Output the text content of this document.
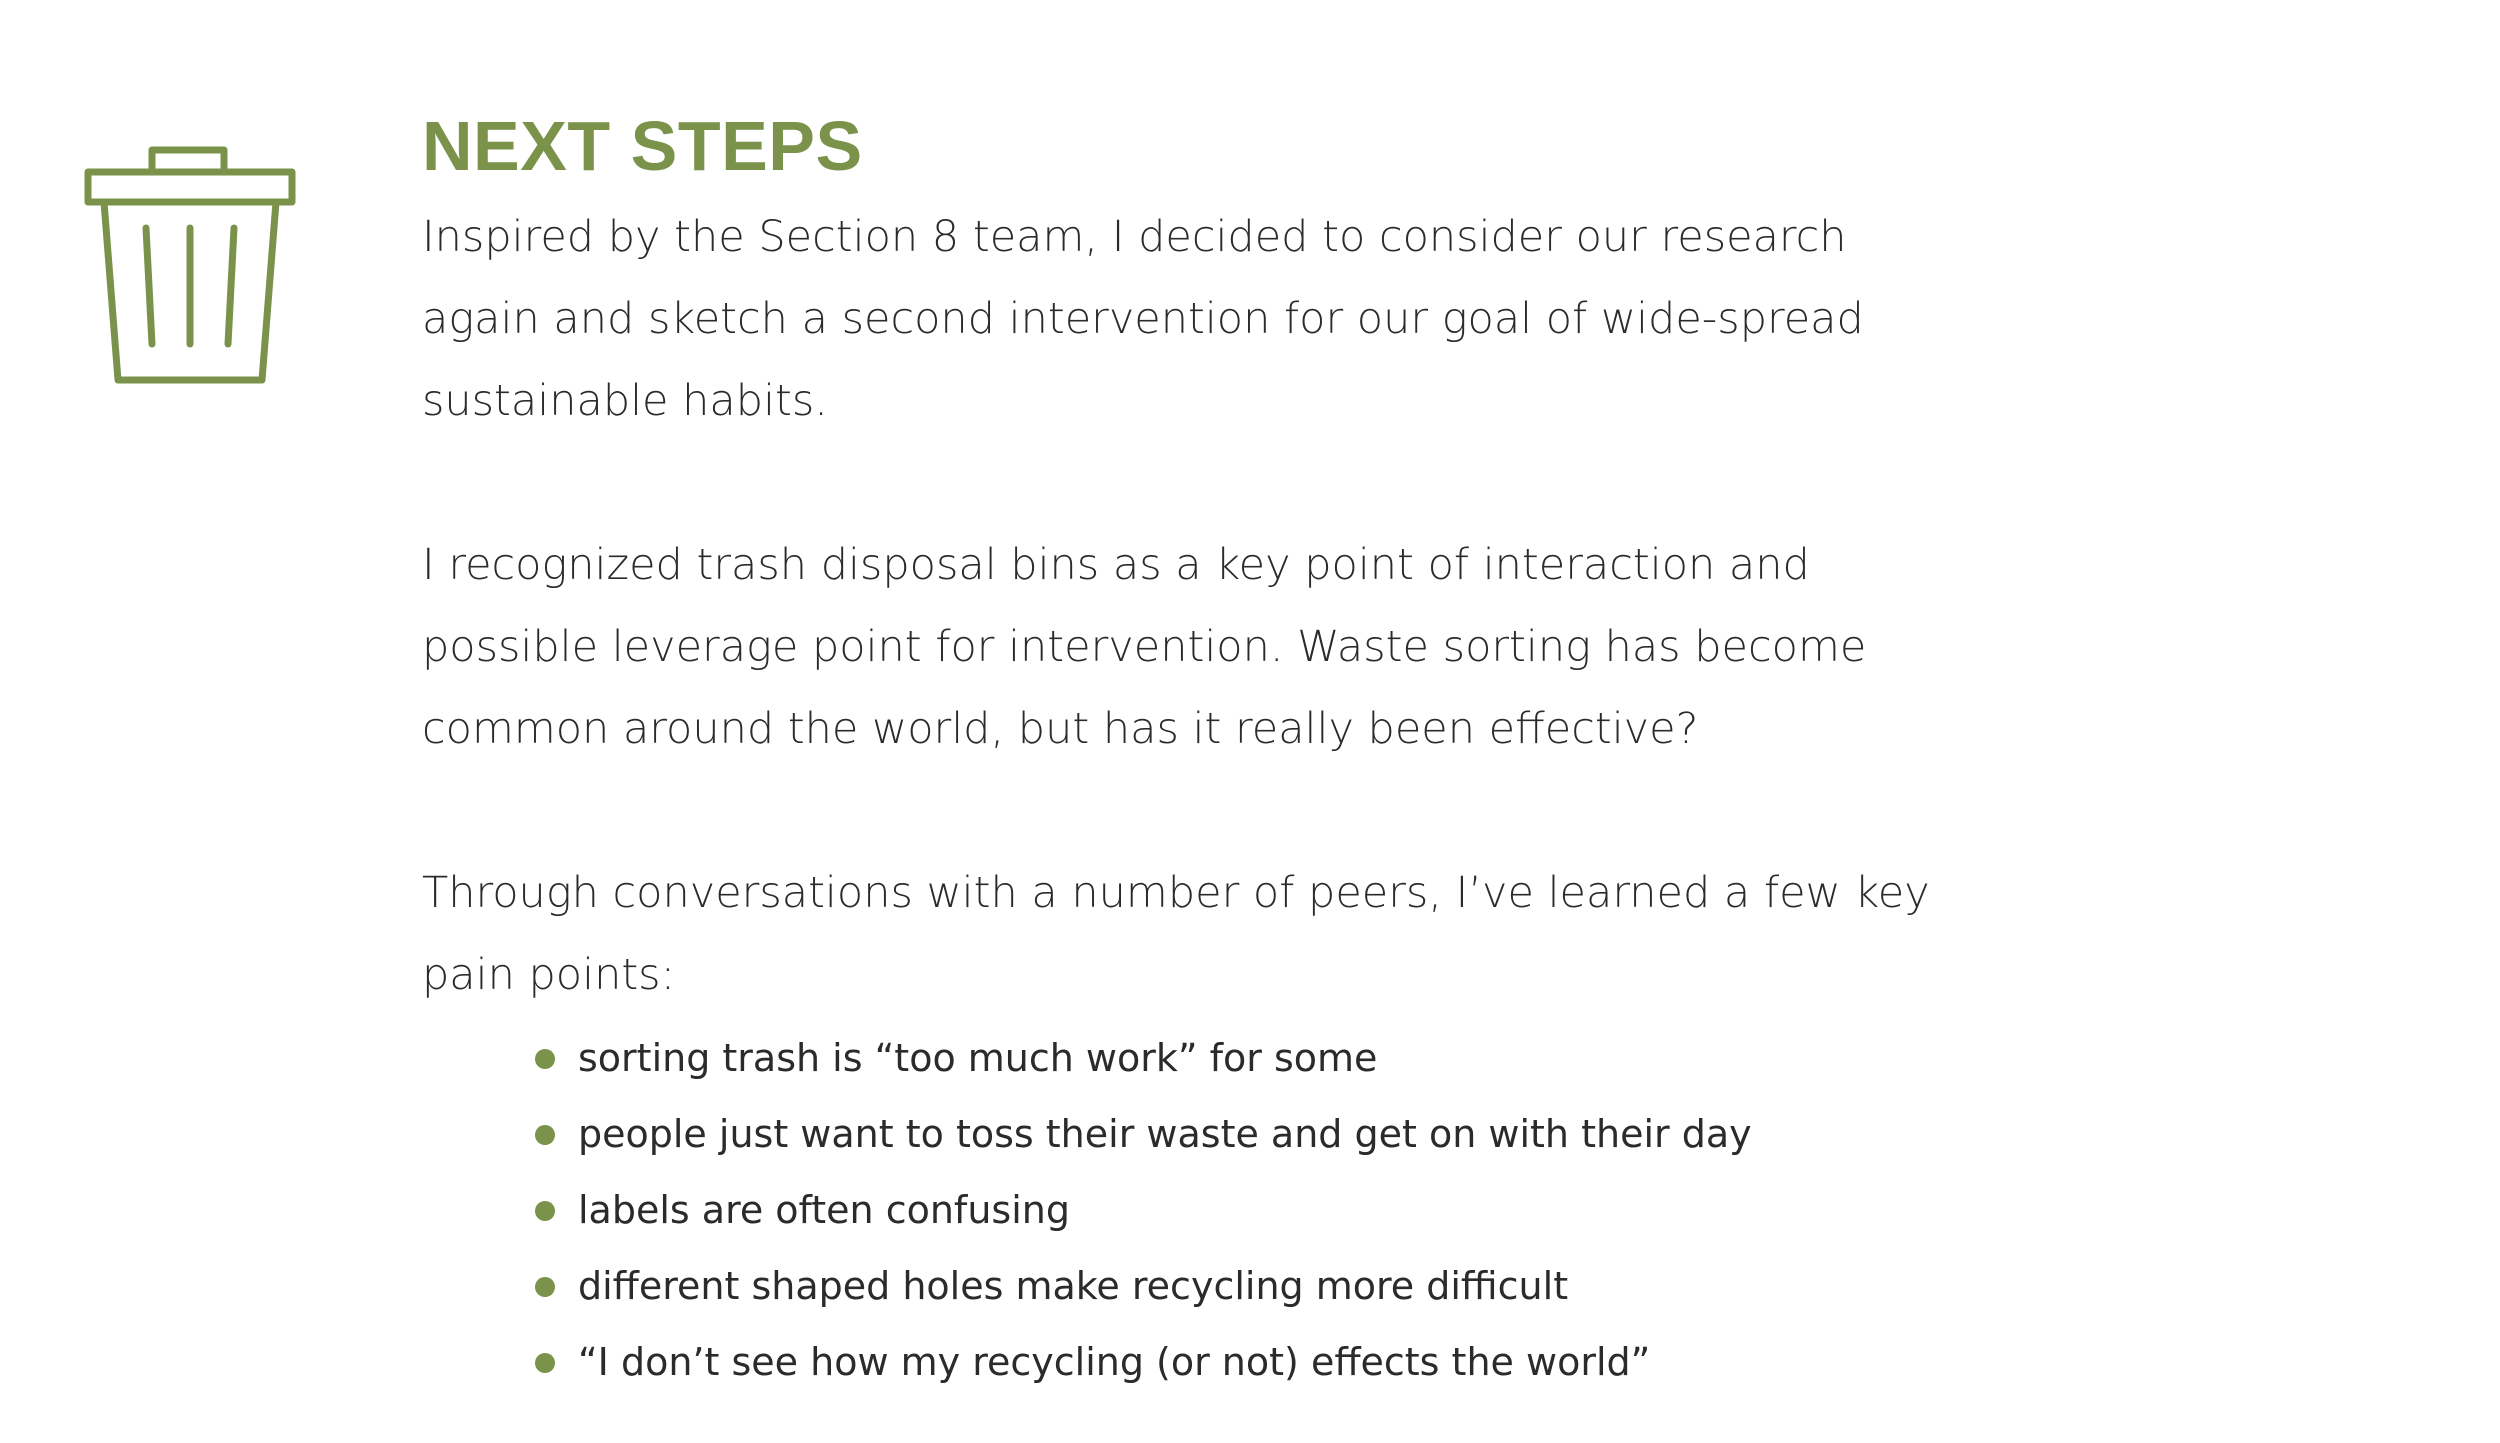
NEXT STEPS

Inspired by the Section 8 team, I decided to consider our research again and sketch a second intervention for our goal of wide-spread sustainable habits.

I recognized trash disposal bins as a key point of interaction and possible leverage point for intervention. Waste sorting has become common around the world, but has it really been effective?

Through conversations with a number of peers, I’ve learned a few key pain points:

sorting trash is “too much work” for some
people just want to toss their waste and get on with their day
labels are often confusing
different shaped holes make recycling more difficult
“I don’t see how my recycling (or not) effects the world”
